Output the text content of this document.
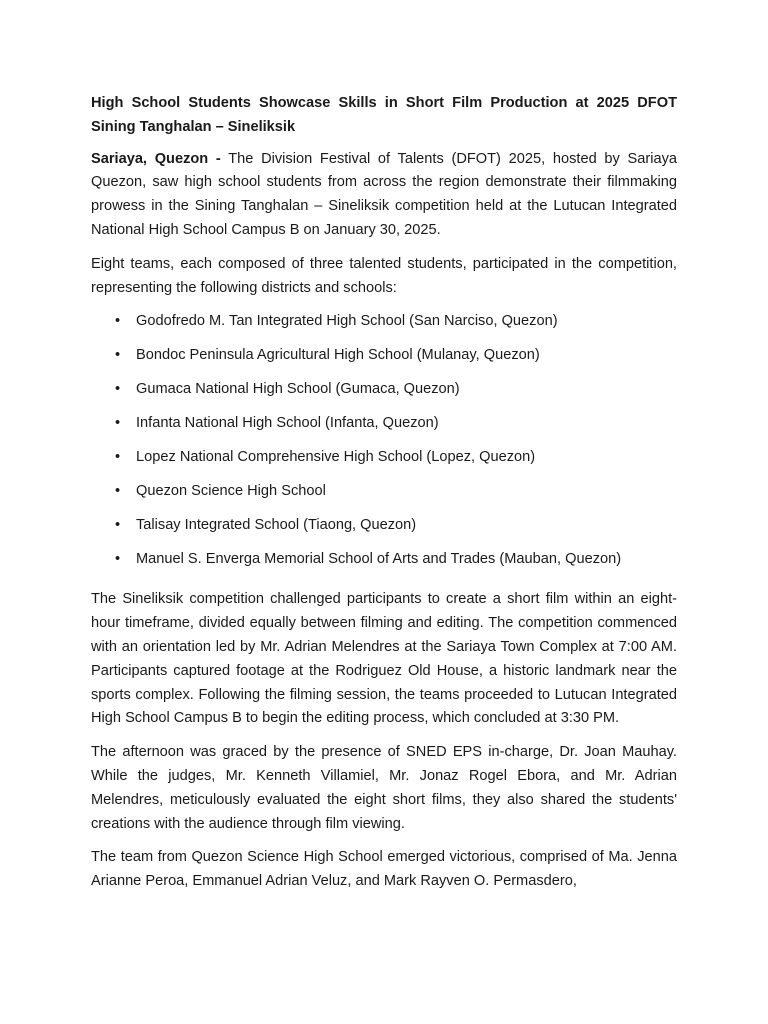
High School Students Showcase Skills in Short Film Production at 2025 DFOT Sining Tanghalan – Sineliksik

Sariaya, Quezon - The Division Festival of Talents (DFOT) 2025, hosted by Sariaya Quezon, saw high school students from across the region demonstrate their filmmaking prowess in the Sining Tanghalan – Sineliksik competition held at the Lutucan Integrated National High School Campus B on January 30, 2025.

Eight teams, each composed of three talented students, participated in the competition, representing the following districts and schools:

• Godofredo M. Tan Integrated High School (San Narciso, Quezon)
• Bondoc Peninsula Agricultural High School (Mulanay, Quezon)
• Gumaca National High School (Gumaca, Quezon)
• Infanta National High School (Infanta, Quezon)
• Lopez National Comprehensive High School (Lopez, Quezon)
• Quezon Science High School
• Talisay Integrated School (Tiaong, Quezon)
• Manuel S. Enverga Memorial School of Arts and Trades (Mauban, Quezon)

The Sineliksik competition challenged participants to create a short film within an eight-hour timeframe, divided equally between filming and editing. The competition commenced with an orientation led by Mr. Adrian Melendres at the Sariaya Town Complex at 7:00 AM. Participants captured footage at the Rodriguez Old House, a historic landmark near the sports complex. Following the filming session, the teams proceeded to Lutucan Integrated High School Campus B to begin the editing process, which concluded at 3:30 PM.

The afternoon was graced by the presence of SNED EPS in-charge, Dr. Joan Mauhay. While the judges, Mr. Kenneth Villamiel, Mr. Jonaz Rogel Ebora, and Mr. Adrian Melendres, meticulously evaluated the eight short films, they also shared the students' creations with the audience through film viewing.

The team from Quezon Science High School emerged victorious, comprised of Ma. Jenna Arianne Peroa, Emmanuel Adrian Veluz, and Mark Rayven O. Permasdero,
